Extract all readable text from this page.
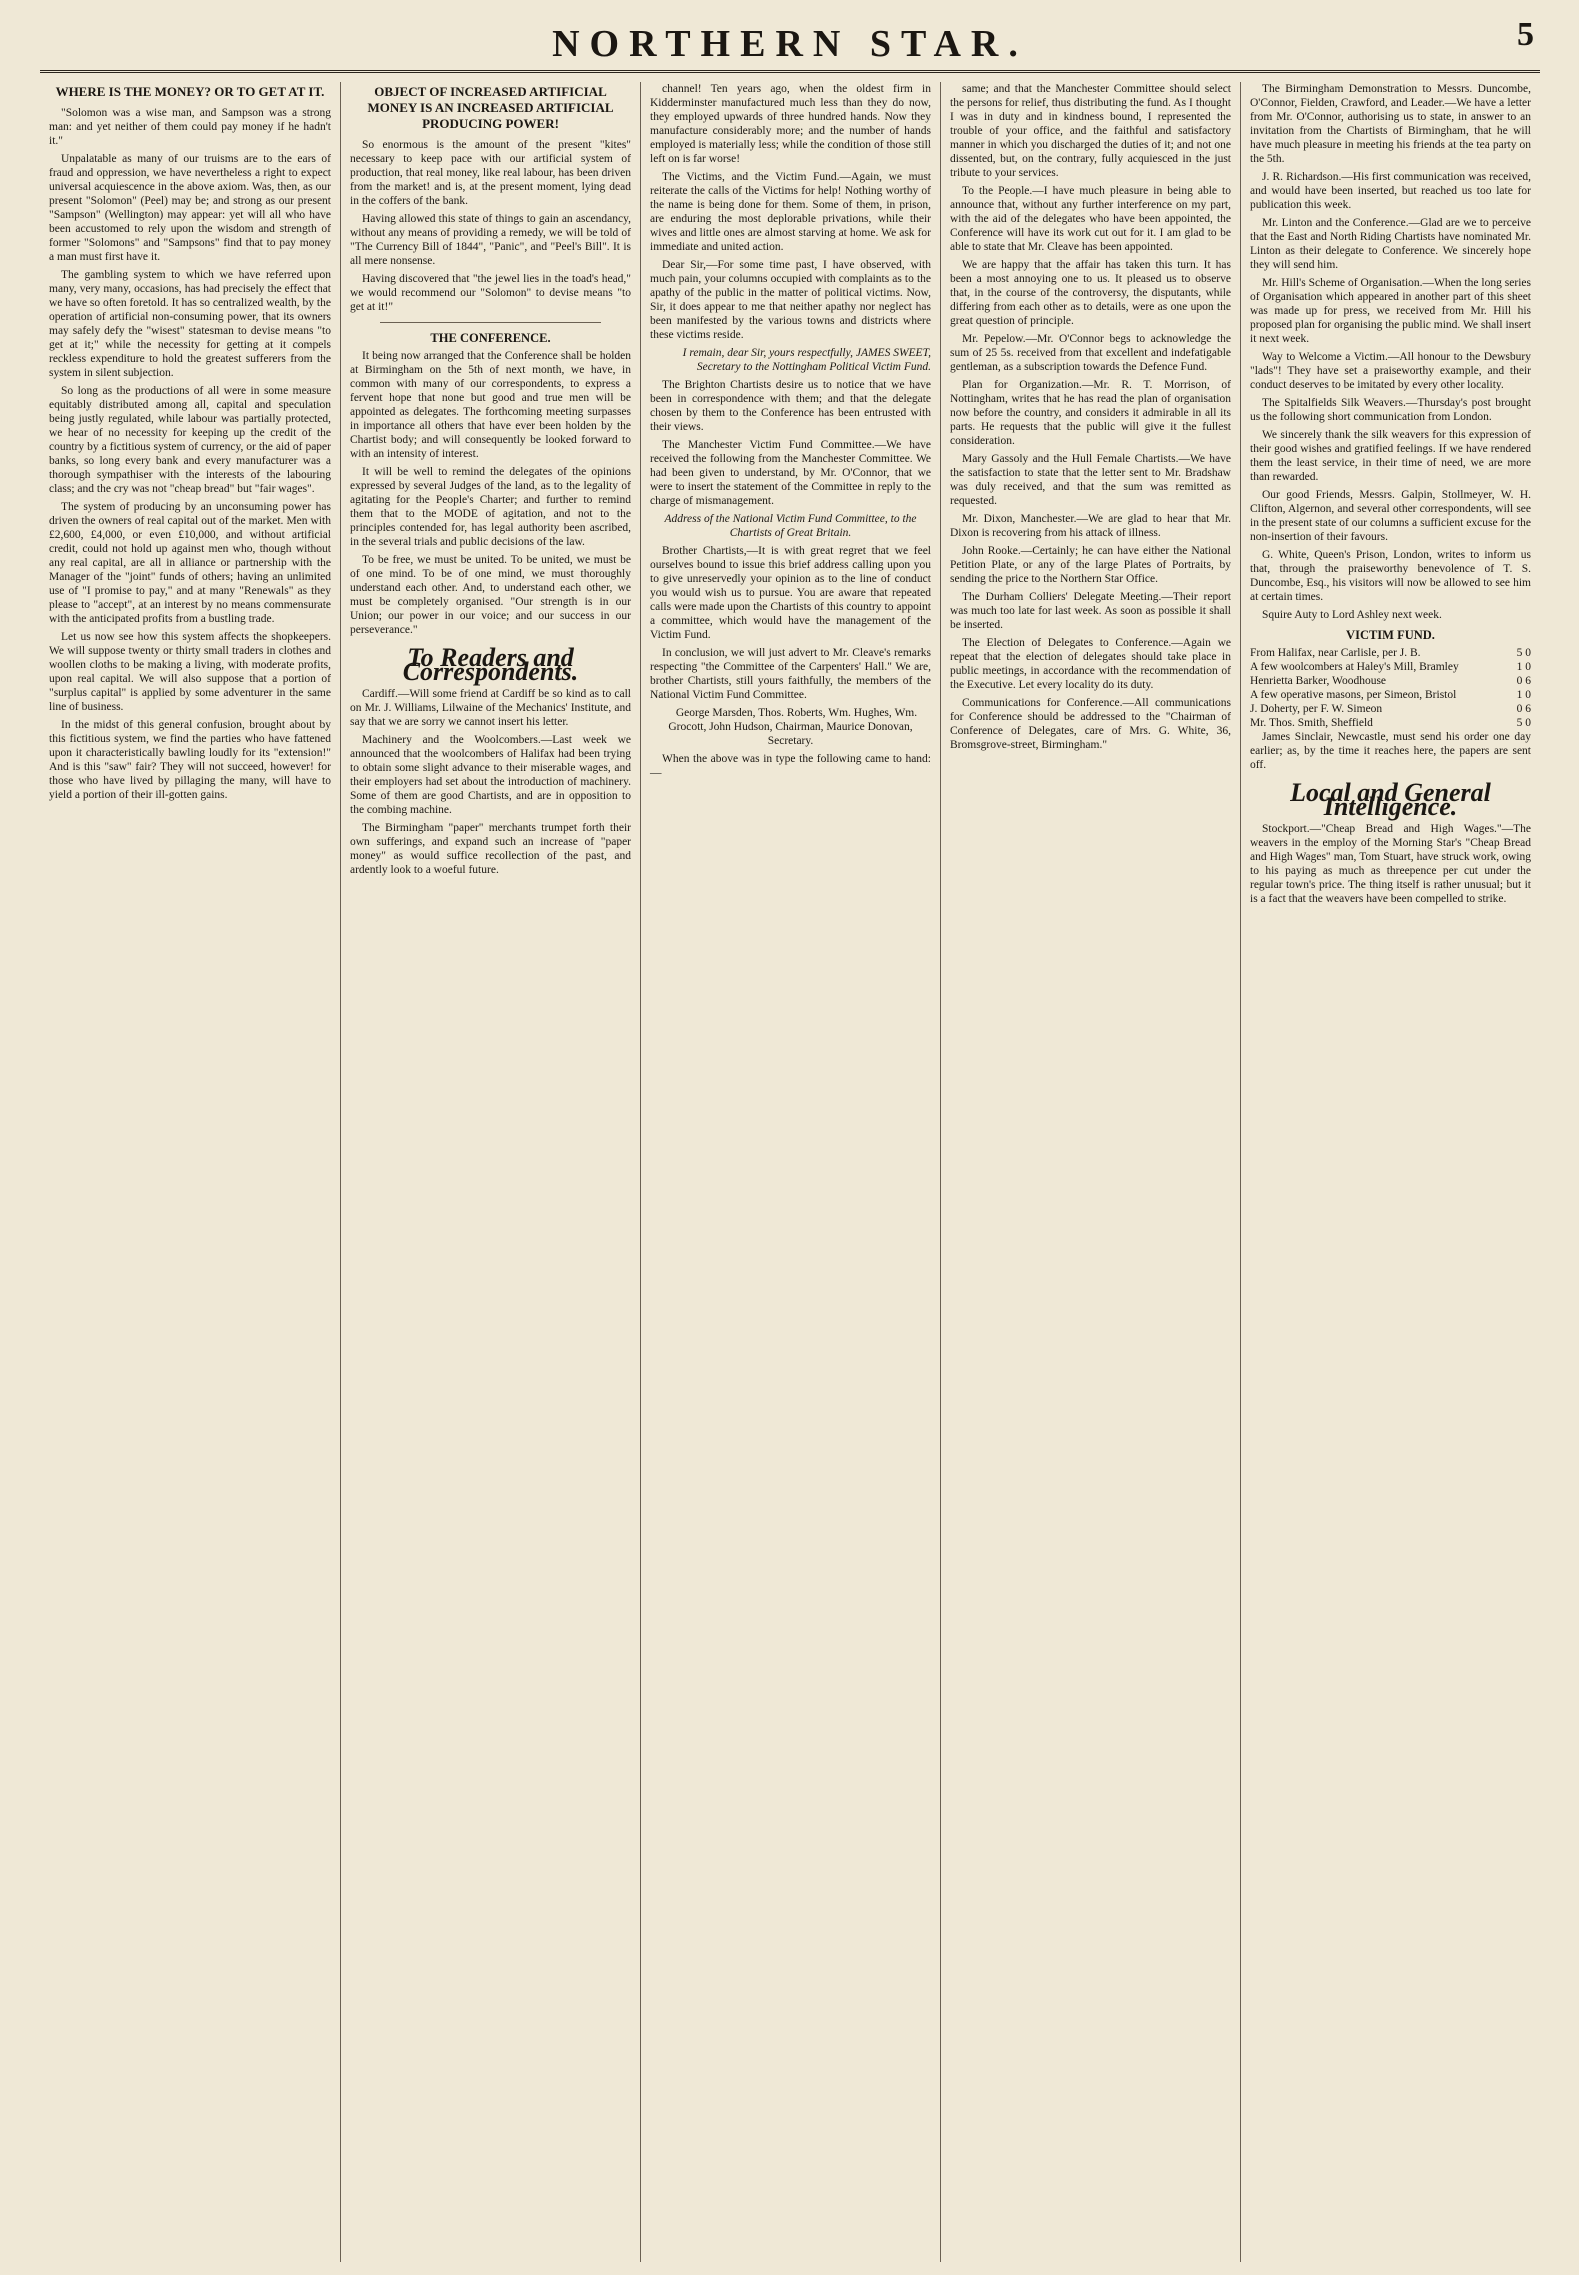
NORTHERN STAR.	5
WHERE IS THE MONEY? OR TO GET AT IT.

"Solomon was a wise man, and Sampson was a strong man: and yet neither of them could pay money if he hadn't it."

Unpalatable as many of our truisms are to the ears of fraud and oppression, we have nevertheless a right to expect universal acquiescence in the above axiom. Was, then, as our present "Solomon" (Peel) may be; and strong as our present "Sampson" (Wellington) may appear: yet will all who have been accustomed to rely upon the wisdom and strength of former "Solomons" and "Sampsons" find that to pay money a man must first have it.

The gambling system to which we have referred upon many, very many, occasions, has had precisely the effect that we have so often foretold. It has so centralized wealth, by the operation of artificial non-consuming power, that its owners may safely defy the "wisest" statesman to devise means "to get at it;" while the necessity for getting at it compels reckless expenditure to hold the greatest sufferers from the system in silent subjection.

So long as the productions of all were in some measure equitably distributed among all, capital and speculation being justly regulated, while labour was partially protected, we hear of no necessity for keeping up the credit of the country by a fictitious system of currency, or the aid of paper banks, so long every bank and every manufacturer was a thorough sympathiser with the interests of the labouring class; and the cry was not "cheap bread" but "fair wages".

The system of producing by an unconsuming power has driven the owners of real capital out of the market. Men with £2,600, £4,000, or even £10,000, and without artificial credit, could not hold up against men who, though without any real capital, are all in alliance or partnership with the Manager of the "joint" funds of others; having an unlimited use of "I promise to pay," and at many "Renewals" as they please to "accept", at an interest by no means commensurate with the anticipated profits from a bustling trade.

Let us now see how this system affects the shopkeepers. We will suppose twenty or thirty small traders in clothes and woollen cloths to be making a living, with moderate profits, upon real capital. We will also suppose that a portion of "surplus capital" is applied by some adventurer in the same line of business.

In the midst of this general confusion, brought about by this fictitious system, we find the parties who have fattened upon it characteristically bawling loudly for its "extension!" And is this "saw" fair? They will not succeed, however! for those who have lived by pillaging the many, will have to yield a portion of their ill-gotten gains.

OBJECT OF INCREASED ARTIFICIAL MONEY IS AN INCREASED ARTIFICIAL PRODUCING POWER!

So enormous is the amount of the present "kites" necessary to keep pace with our artificial system of production, that real money, like real labour, has been driven from the market! and is, at the present moment, lying dead in the coffers of the bank.

Having allowed this state of things to gain an ascendancy, without any means of providing a remedy, we will be told of "The Currency Bill of 1844", "Panic", and "Peel's Bill". It is all mere nonsense.

Having discovered that "the jewel lies in the toad's head," we would recommend our "Solomon" to devise means "to get at it!"

THE CONFERENCE.

It being now arranged that the Conference shall be holden at Birmingham on the 5th of next month, we have, in common with many of our correspondents, to express a fervent hope that none but good and true men will be appointed as delegates. The forthcoming meeting surpasses in importance all others that have ever been holden by the Chartist body; and will consequently be looked forward to with an intensity of interest.

It will be well to remind the delegates of the opinions expressed by several Judges of the land, as to the legality of agitating for the People's Charter; and further to remind them that to the MODE of agitation, and not to the principles contended for, has legal authority been ascribed, in the several trials and public decisions of the law.

To be free, we must be united. To be united, we must be of one mind. To be of one mind, we must thoroughly understand each other. And, to understand each other, we must be completely organised. "Our strength is in our Union; our power in our voice; and our success in our perseverance."

To Readers and Correspondents.

Cardiff.—Will some friend at Cardiff be so kind as to call on Mr. J. Williams, Lilwaine of the Mechanics' Institute, and say that we are sorry we cannot insert his letter.

Machinery and the Woolcombers.—Last week we announced that the woolcombers of Halifax had been trying to obtain some slight advance to their miserable wages, and their employers had set about the introduction of machinery. Some of them are good Chartists, and are in opposition to the combing machine.

The Birmingham "paper" merchants trumpet forth their own sufferings, and expand such an increase of "paper money" as would suffice recollection of the past, and ardently look to a woeful future.

channel! Ten years ago, when the oldest firm in Kidderminster manufactured much less than they do now, they employed upwards of three hundred hands. Now they manufacture considerably more; and the number of hands employed is materially less; while the condition of those still left on is far worse!

The Victims, and the Victim Fund.—Again, we must reiterate the calls of the Victims for help! Nothing worthy of the name is being done for them. Some of them, in prison, are enduring the most deplorable privations, while their wives and little ones are almost starving at home. We ask for immediate and united action.

Dear Sir,—For some time past, I have observed, with much pain, your columns occupied with complaints as to the apathy of the public in the matter of political victims. Now, Sir, it does appear to me that neither apathy nor neglect has been manifested by the various towns and districts where these victims reside.

I remain, dear Sir, yours respectfully, JAMES SWEET, Secretary to the Nottingham Political Victim Fund.

The Brighton Chartists desire us to notice that we have been in correspondence with them; and that the delegate chosen by them to the Conference has been entrusted with their views.

The Manchester Victim Fund Committee.—We have received the following from the Manchester Committee. We had been given to understand, by Mr. O'Connor, that we were to insert the statement of the Committee in reply to the charge of mismanagement.

Address of the National Victim Fund Committee, to the Chartists of Great Britain.

Brother Chartists,—It is with great regret that we feel ourselves bound to issue this brief address calling upon you to give unreservedly your opinion as to the line of conduct you would wish us to pursue. You are aware that repeated calls were made upon the Chartists of this country to appoint a committee, which would have the management of the Victim Fund.

In conclusion, we will just advert to Mr. Cleave's remarks respecting "the Committee of the Carpenters' Hall." We are, brother Chartists, still yours faithfully, the members of the National Victim Fund Committee.

George Marsden, Thos. Roberts, Wm. Hughes, Wm. Grocott, John Hudson, Chairman, Maurice Donovan, Secretary.

When the above was in type the following came to hand:—

same; and that the Manchester Committee should select the persons for relief, thus distributing the fund. As I thought I was in duty and in kindness bound, I represented the trouble of your office, and the faithful and satisfactory manner in which you discharged the duties of it; and not one dissented, but, on the contrary, fully acquiesced in the just tribute to your services.

To the People.—I have much pleasure in being able to announce that, without any further interference on my part, with the aid of the delegates who have been appointed, the Conference will have its work cut out for it. I am glad to be able to state that Mr. Cleave has been appointed.

We are happy that the affair has taken this turn. It has been a most annoying one to us. It pleased us to observe that, in the course of the controversy, the disputants, while differing from each other as to details, were as one upon the great question of principle.

Mr. Pepelow.—Mr. O'Connor begs to acknowledge the sum of 25 5s. received from that excellent and indefatigable gentleman, as a subscription towards the Defence Fund.

Plan for Organization.—Mr. R. T. Morrison, of Nottingham, writes that he has read the plan of organisation now before the country, and considers it admirable in all its parts. He requests that the public will give it the fullest consideration.

Mary Gassoly and the Hull Female Chartists.—We have the satisfaction to state that the letter sent to Mr. Bradshaw was duly received, and that the sum was remitted as requested.

Mr. Dixon, Manchester.—We are glad to hear that Mr. Dixon is recovering from his attack of illness.

John Rooke.—Certainly; he can have either the National Petition Plate, or any of the large Plates of Portraits, by sending the price to the Northern Star Office.

The Durham Colliers' Delegate Meeting.—Their report was much too late for last week. As soon as possible it shall be inserted.

The Election of Delegates to Conference.—Again we repeat that the election of delegates should take place in public meetings, in accordance with the recommendation of the Executive. Let every locality do its duty.

Communications for Conference.—All communications for Conference should be addressed to the "Chairman of Conference of Delegates, care of Mrs. G. White, 36, Bromsgrove-street, Birmingham."

The Birmingham Demonstration to Messrs. Duncombe, O'Connor, Fielden, Crawford, and Leader.—We have a letter from Mr. O'Connor, authorising us to state, in answer to an invitation from the Chartists of Birmingham, that he will have much pleasure in meeting his friends at the tea party on the 5th.

J. R. Richardson.—His first communication was received, and would have been inserted, but reached us too late for publication this week.

Mr. Linton and the Conference.—Glad are we to perceive that the East and North Riding Chartists have nominated Mr. Linton as their delegate to Conference. We sincerely hope they will send him.

Mr. Hill's Scheme of Organisation.—When the long series of Organisation which appeared in another part of this sheet was made up for press, we received from Mr. Hill his proposed plan for organising the public mind. We shall insert it next week.

Way to Welcome a Victim.—All honour to the Dewsbury "lads"! They have set a praiseworthy example, and their conduct deserves to be imitated by every other locality.

The Spitalfields Silk Weavers.—Thursday's post brought us the following short communication from London.

We sincerely thank the silk weavers for this expression of their good wishes and gratified feelings. If we have rendered them the least service, in their time of need, we are more than rewarded.

Our good Friends, Messrs. Galpin, Stollmeyer, W. H. Clifton, Algernon, and several other correspondents, will see in the present state of our columns a sufficient excuse for the non-insertion of their favours.

G. White, Queen's Prison, London, writes to inform us that, through the praiseworthy benevolence of T. S. Duncombe, Esq., his visitors will now be allowed to see him at certain times.

Squire Auty to Lord Ashley next week.

VICTIM FUND.
From Halifax, near Carlisle, per J. B.	5 0
A few woolcombers at Haley's Mill, Bramley	1 0
Henrietta Barker, Woodhouse	0 6
A few operative masons, per Simeon, Bristol	1 0
J. Doherty, per F. W. Simeon	0 6
Mr. Thos. Smith, Sheffield	5 0

James Sinclair, Newcastle, must send his order one day earlier; as, by the time it reaches here, the papers are sent off.

Local and General Intelligence.

Stockport.—"Cheap Bread and High Wages."—The weavers in the employ of the Morning Star's "Cheap Bread and High Wages" man, Tom Stuart, have struck work, owing to his paying as much as threepence per cut under the regular town's price. The thing itself is rather unusual; but it is a fact that the weavers have been compelled to strike.
